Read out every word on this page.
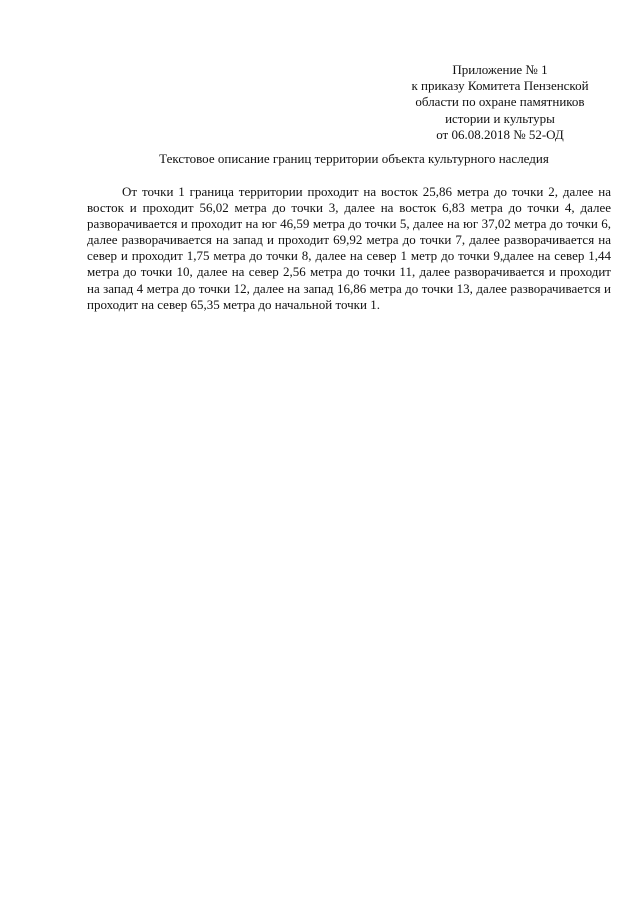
Приложение № 1
к приказу Комитета Пензенской
области по охране памятников
истории и культуры
от 06.08.2018 № 52-ОД
Текстовое описание границ территории объекта культурного наследия

От точки 1 граница территории проходит на восток 25,86 метра до точки 2, далее на восток и проходит 56,02 метра до точки 3, далее на восток 6,83 метра до точки 4, далее разворачивается и проходит на юг 46,59 метра до точки 5, далее на юг 37,02 метра до точки 6, далее разворачивается на запад и проходит 69,92 метра до точки 7, далее разворачивается на север и проходит 1,75 метра до точки 8, далее на север 1 метр до точки 9,далее на север 1,44 метра до точки 10, далее на север 2,56 метра до точки 11, далее разворачивается и проходит на запад 4 метра до точки 12, далее на запад 16,86 метра до точки 13, далее разворачивается и проходит на север 65,35 метра до начальной точки 1.
